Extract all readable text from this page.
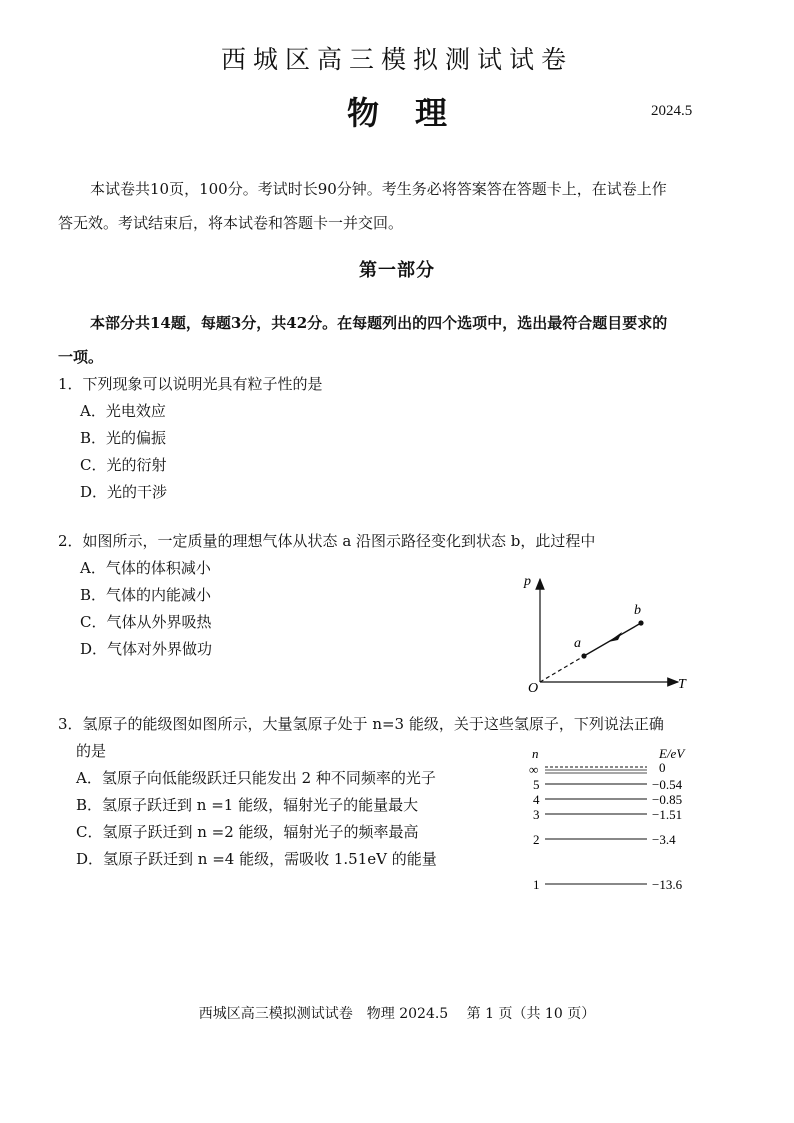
西城区高三模拟测试试卷
物理	2024.5
本试卷共10页，100分。考试时长90分钟。考生务必将答案答在答题卡上，在试卷上作
答无效。考试结束后，将本试卷和答题卡一并交回。
第一部分
本部分共14题，每题3分，共42分。在每题列出的四个选项中，选出最符合题目要求的
一项。
1．下列现象可以说明光具有粒子性的是
A．光电效应
B．光的偏振
C．光的衍射
D．光的干涉
2．如图所示，一定质量的理想气体从状态 a 沿图示路径变化到状态 b，此过程中
A．气体的体积减小
B．气体的内能减小
C．气体从外界吸热
D．气体对外界做功
p
T
O
a
b
3．氢原子的能级图如图所示，大量氢原子处于 n=3 能级，关于这些氢原子，下列说法正确
的是
A．氢原子向低能级跃迁只能发出 2 种不同频率的光子
B．氢原子跃迁到 n =1 能级，辐射光子的能量最大
C．氢原子跃迁到 n =2 能级，辐射光子的频率最高
D．氢原子跃迁到 n =4 能级，需吸收 1.51eV 的能量
n	E/eV
∞	0
5	−0.54
4	−0.85
3	−1.51
2	−3.4
1	−13.6
西城区高三模拟测试试卷　物理 2024.5　 第 1 页（共 10 页）
